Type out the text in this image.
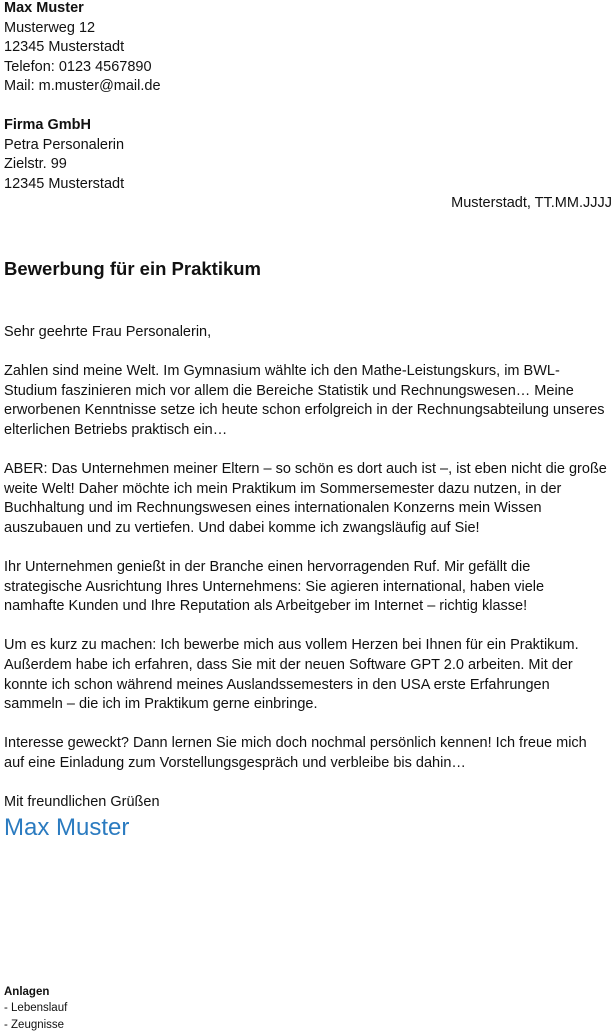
Max Muster
Musterweg 12
12345 Musterstadt
Telefon: 0123 4567890
Mail: m.muster@mail.de
Firma GmbH
Petra Personalerin
Zielstr. 99
12345 Musterstadt
Musterstadt, TT.MM.JJJJ
Bewerbung für ein Praktikum
Sehr geehrte Frau Personalerin,
Zahlen sind meine Welt. Im Gymnasium wählte ich den Mathe-Leistungskurs, im BWL-
Studium faszinieren mich vor allem die Bereiche Statistik und Rechnungswesen… Meine
erworbenen Kenntnisse setze ich heute schon erfolgreich in der Rechnungsabteilung unseres
elterlichen Betriebs praktisch ein…
ABER: Das Unternehmen meiner Eltern – so schön es dort auch ist –, ist eben nicht die große
weite Welt! Daher möchte ich mein Praktikum im Sommersemester dazu nutzen, in der
Buchhaltung und im Rechnungswesen eines internationalen Konzerns mein Wissen
auszubauen und zu vertiefen. Und dabei komme ich zwangsläufig auf Sie!
Ihr Unternehmen genießt in der Branche einen hervorragenden Ruf. Mir gefällt die
strategische Ausrichtung Ihres Unternehmens: Sie agieren international, haben viele
namhafte Kunden und Ihre Reputation als Arbeitgeber im Internet – richtig klasse!
Um es kurz zu machen: Ich bewerbe mich aus vollem Herzen bei Ihnen für ein Praktikum.
Außerdem habe ich erfahren, dass Sie mit der neuen Software GPT 2.0 arbeiten. Mit der
konnte ich schon während meines Auslandssemesters in den USA erste Erfahrungen
sammeln – die ich im Praktikum gerne einbringe.
Interesse geweckt? Dann lernen Sie mich doch nochmal persönlich kennen! Ich freue mich
auf eine Einladung zum Vorstellungsgespräch und verbleibe bis dahin…
Mit freundlichen Grüßen
Max Muster
Anlagen
- Lebenslauf
- Zeugnisse
